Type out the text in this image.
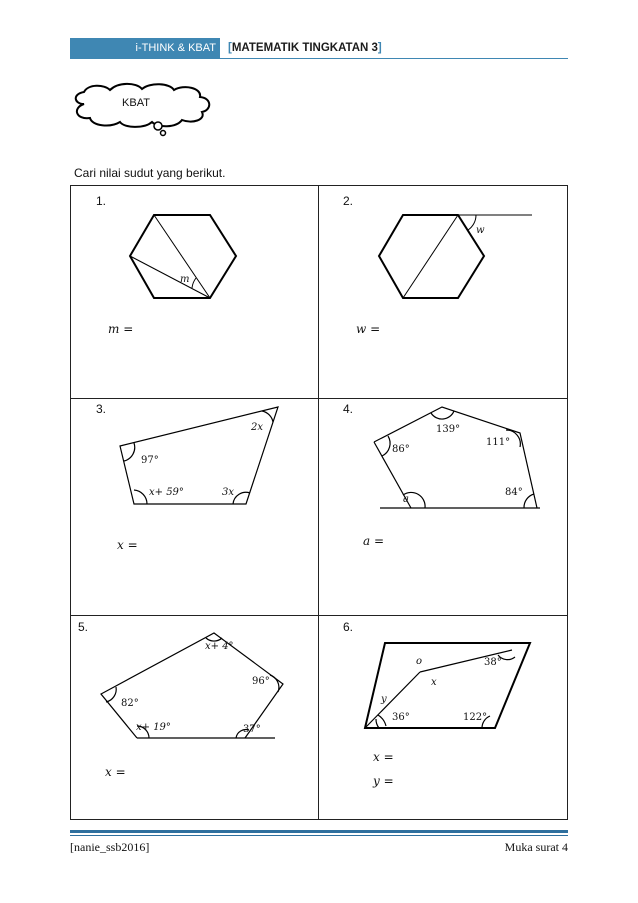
i-THINK & KBAT	[MATEMATIK TINGKATAN 3]
KBAT
Cari nilai sudut yang berikut.
1.	2.
3.	4.
5.	6.
m =	w =
x =	a =
x =
x =
y =
m
w
2x
97°
x+ 59°	3x
139°
86°
111°
84°
a
x+ 4°
96°
82°
x+ 19°	37°
o
x
y
38°
36°	122°
[nanie_ssb2016]	Muka surat 4
